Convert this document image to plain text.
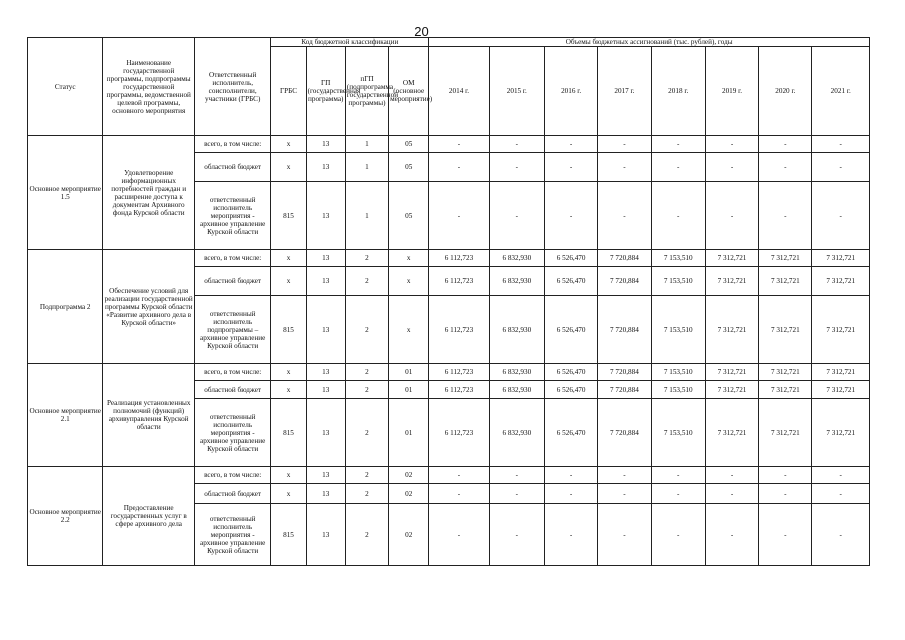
20
Статус	Наименование государственной программы, подпрограммы государственной программы, ведомственной целевой программы, основного мероприятия	Ответственный исполнитель, соисполнители, участники (ГРБС)	Код бюджетной классификации				Объемы бюджетных ассигнований (тыс. рублей), годы							
			ГРБС	ГП (государственная программа)	пГП (подпрограмма государственной программы)	ОМ (основное мероприятие)	2014 г.	2015 г.	2016 г.	2017 г.	2018 г.	2019 г.	2020 г.	2021 г.
Основное мероприятие 1.5	Удовлетворение информационных потребностей граждан и расширение доступа к документам Архивного фонда Курской области	всего, в том числе:	х	13	1	05	-	-	-	-	-	-	-	-
		областной бюджет	х	13	1	05	-	-	-	-	-	-	-	-
		ответственный исполнитель мероприятия - архивное управление Курской области	815	13	1	05	-	-	-	-	-	-	-	-
Подпрограмма 2	Обеспечение условий для реализации государственной программы Курской области «Развитие архивного дела в Курской области»	всего, в том числе:	х	13	2	х	6 112,723	6 832,930	6 526,470	7 720,884	7 153,510	7 312,721	7 312,721	7 312,721
		областной бюджет	х	13	2	х	6 112,723	6 832,930	6 526,470	7 720,884	7 153,510	7 312,721	7 312,721	7 312,721
		ответственный исполнитель подпрограммы – архивное управление Курской области	815	13	2	х	6 112,723	6 832,930	6 526,470	7 720,884	7 153,510	7 312,721	7 312,721	7 312,721
Основное мероприятие 2.1	Реализация установленных полномочий (функций) архивуправления Курской области	всего, в том числе:	х	13	2	01	6 112,723	6 832,930	6 526,470	7 720,884	7 153,510	7 312,721	7 312,721	7 312,721
		областной бюджет	х	13	2	01	6 112,723	6 832,930	6 526,470	7 720,884	7 153,510	7 312,721	7 312,721	7 312,721
		ответственный исполнитель мероприятия - архивное управление Курской области	815	13	2	01	6 112,723	6 832,930	6 526,470	7 720,884	7 153,510	7 312,721	7 312,721	7 312,721
Основное мероприятие 2.2	Предоставление государственных услуг в сфере архивного дела	всего, в том числе:	х	13	2	02	-	-	-	-	-	-	-	-
		областной бюджет	х	13	2	02	-	-	-	-	-	-	-	-
		ответственный исполнитель мероприятия - архивное управление Курской области	815	13	2	02	-	-	-	-	-	-	-	-
